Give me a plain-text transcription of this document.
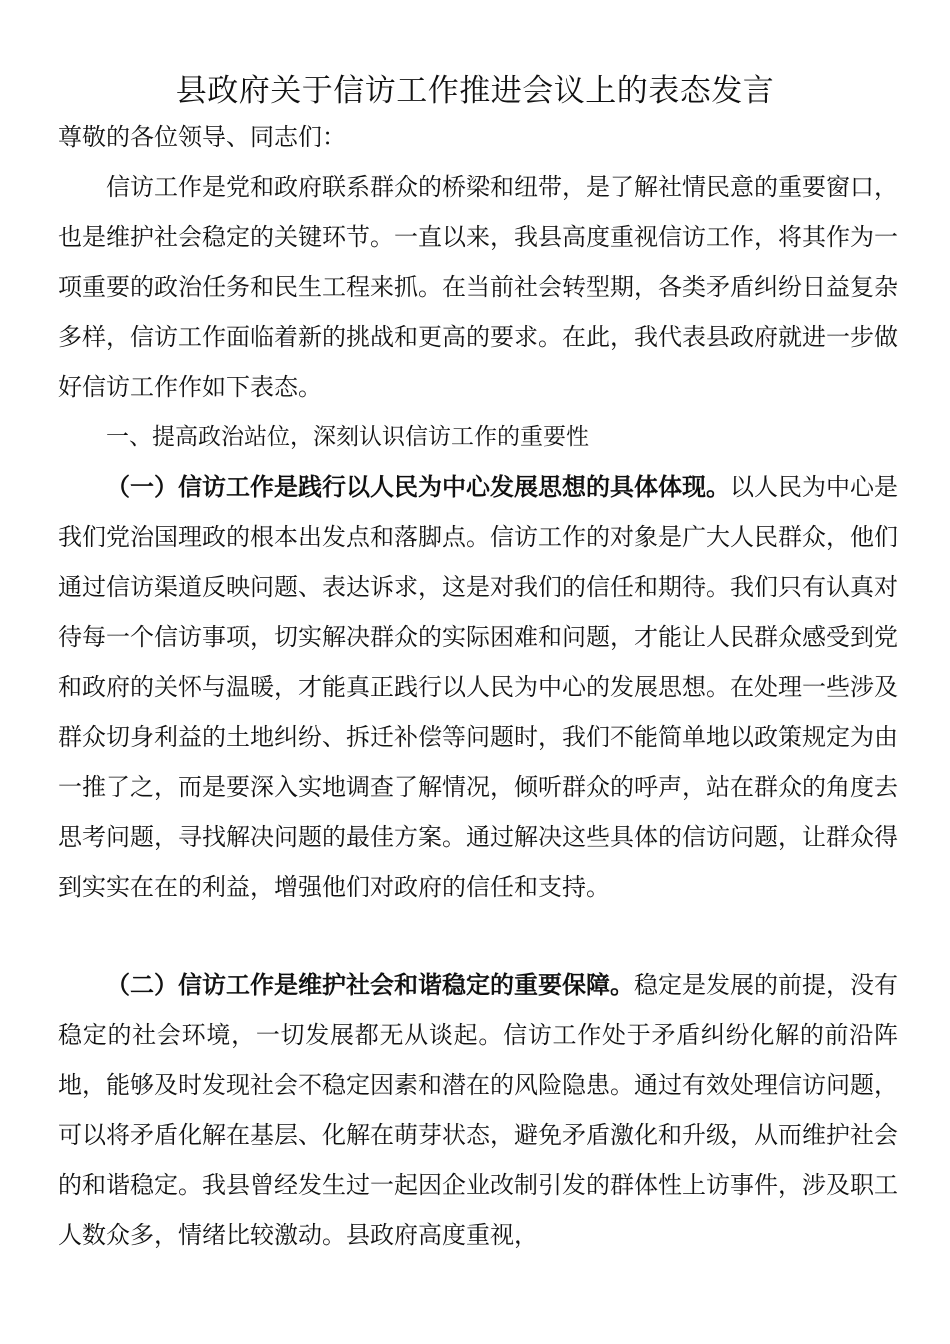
县政府关于信访工作推进会议上的表态发言

尊敬的各位领导、同志们：

信访工作是党和政府联系群众的桥梁和纽带，是了解社情民意的重要窗口，也是维护社会稳定的关键环节。一直以来，我县高度重视信访工作，将其作为一项重要的政治任务和民生工程来抓。在当前社会转型期，各类矛盾纠纷日益复杂多样，信访工作面临着新的挑战和更高的要求。在此，我代表县政府就进一步做好信访工作作如下表态。

一、提高政治站位，深刻认识信访工作的重要性

（一）信访工作是践行以人民为中心发展思想的具体体现。以人民为中心是我们党治国理政的根本出发点和落脚点。信访工作的对象是广大人民群众，他们通过信访渠道反映问题、表达诉求，这是对我们的信任和期待。我们只有认真对待每一个信访事项，切实解决群众的实际困难和问题，才能让人民群众感受到党和政府的关怀与温暖，才能真正践行以人民为中心的发展思想。在处理一些涉及群众切身利益的土地纠纷、拆迁补偿等问题时，我们不能简单地以政策规定为由一推了之，而是要深入实地调查了解情况，倾听群众的呼声，站在群众的角度去思考问题，寻找解决问题的最佳方案。通过解决这些具体的信访问题，让群众得到实实在在的利益，增强他们对政府的信任和支持。

（二）信访工作是维护社会和谐稳定的重要保障。稳定是发展的前提，没有稳定的社会环境，一切发展都无从谈起。信访工作处于矛盾纠纷化解的前沿阵地，能够及时发现社会不稳定因素和潜在的风险隐患。通过有效处理信访问题，可以将矛盾化解在基层、化解在萌芽状态，避免矛盾激化和升级，从而维护社会的和谐稳定。我县曾经发生过一起因企业改制引发的群体性上访事件，涉及职工人数众多，情绪比较激动。县政府高度重视，
